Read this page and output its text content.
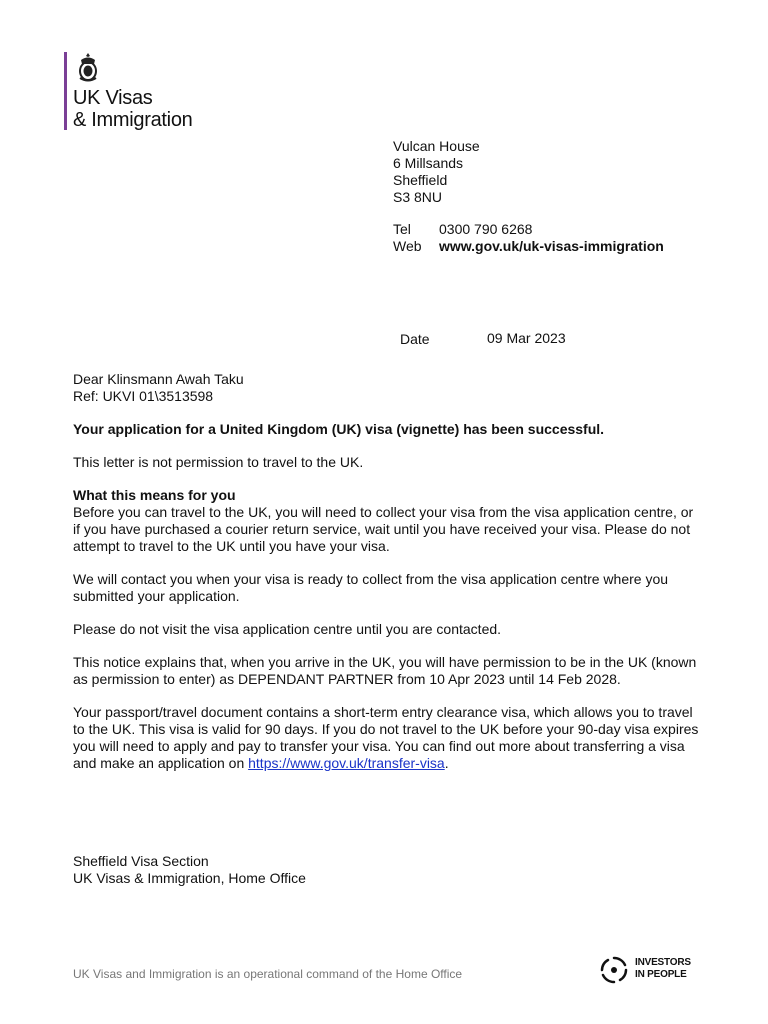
UK Visas
& Immigration
Vulcan House
6 Millsands
Sheffield
S3 8NU
Tel 0300 790 6268
Web www.gov.uk/uk-visas-immigration
Date	09 Mar 2023

Dear Klinsmann Awah Taku

Ref: UKVI 01\3513598

Your application for a United Kingdom (UK) visa (vignette) has been successful.

This letter is not permission to travel to the UK.

What this means for you

Before you can travel to the UK, you will need to collect your visa from the visa application centre, or if you have purchased a courier return service, wait until you have received your visa. Please do not attempt to travel to the UK until you have your visa.

We will contact you when your visa is ready to collect from the visa application centre where you submitted your application.

Please do not visit the visa application centre until you are contacted.

This notice explains that, when you arrive in the UK, you will have permission to be in the UK (known as permission to enter) as DEPENDANT PARTNER from 10 Apr 2023 until 14 Feb 2028.

Your passport/travel document contains a short-term entry clearance visa, which allows you to travel to the UK. This visa is valid for 90 days. If you do not travel to the UK before your 90-day visa expires you will need to apply and pay to transfer your visa. You can find out more about transferring a visa and make an application on https://www.gov.uk/transfer-visa.

Sheffield Visa Section
UK Visas & Immigration, Home Office
UK Visas and Immigration is an operational command of the Home Office
INVESTORS
IN PEOPLE
